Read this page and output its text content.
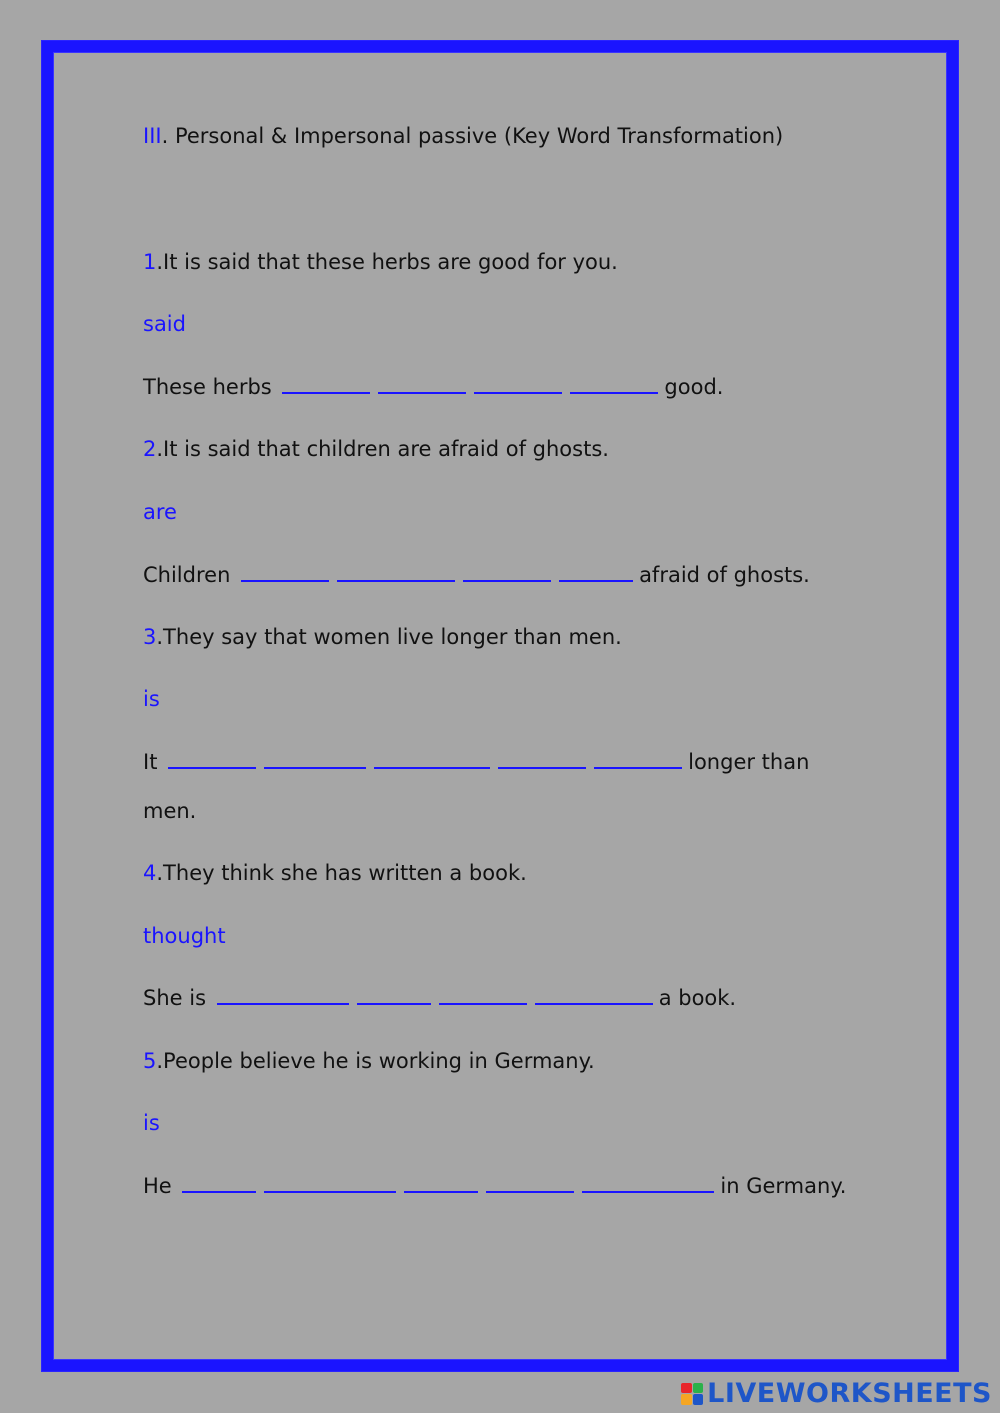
III. Personal & Impersonal passive (Key Word Transformation)

1.It is said that these herbs are good for you.
said
These herbs	good.
2.It is said that children are afraid of ghosts.
are
Children	afraid of ghosts.
3.They say that women live longer than men.
is
It	longer than
men.
4.They think she has written a book.
thought
She is	a book.
5.People believe he is working in Germany.
is
He	in Germany.
LIVEWORKSHEETS
